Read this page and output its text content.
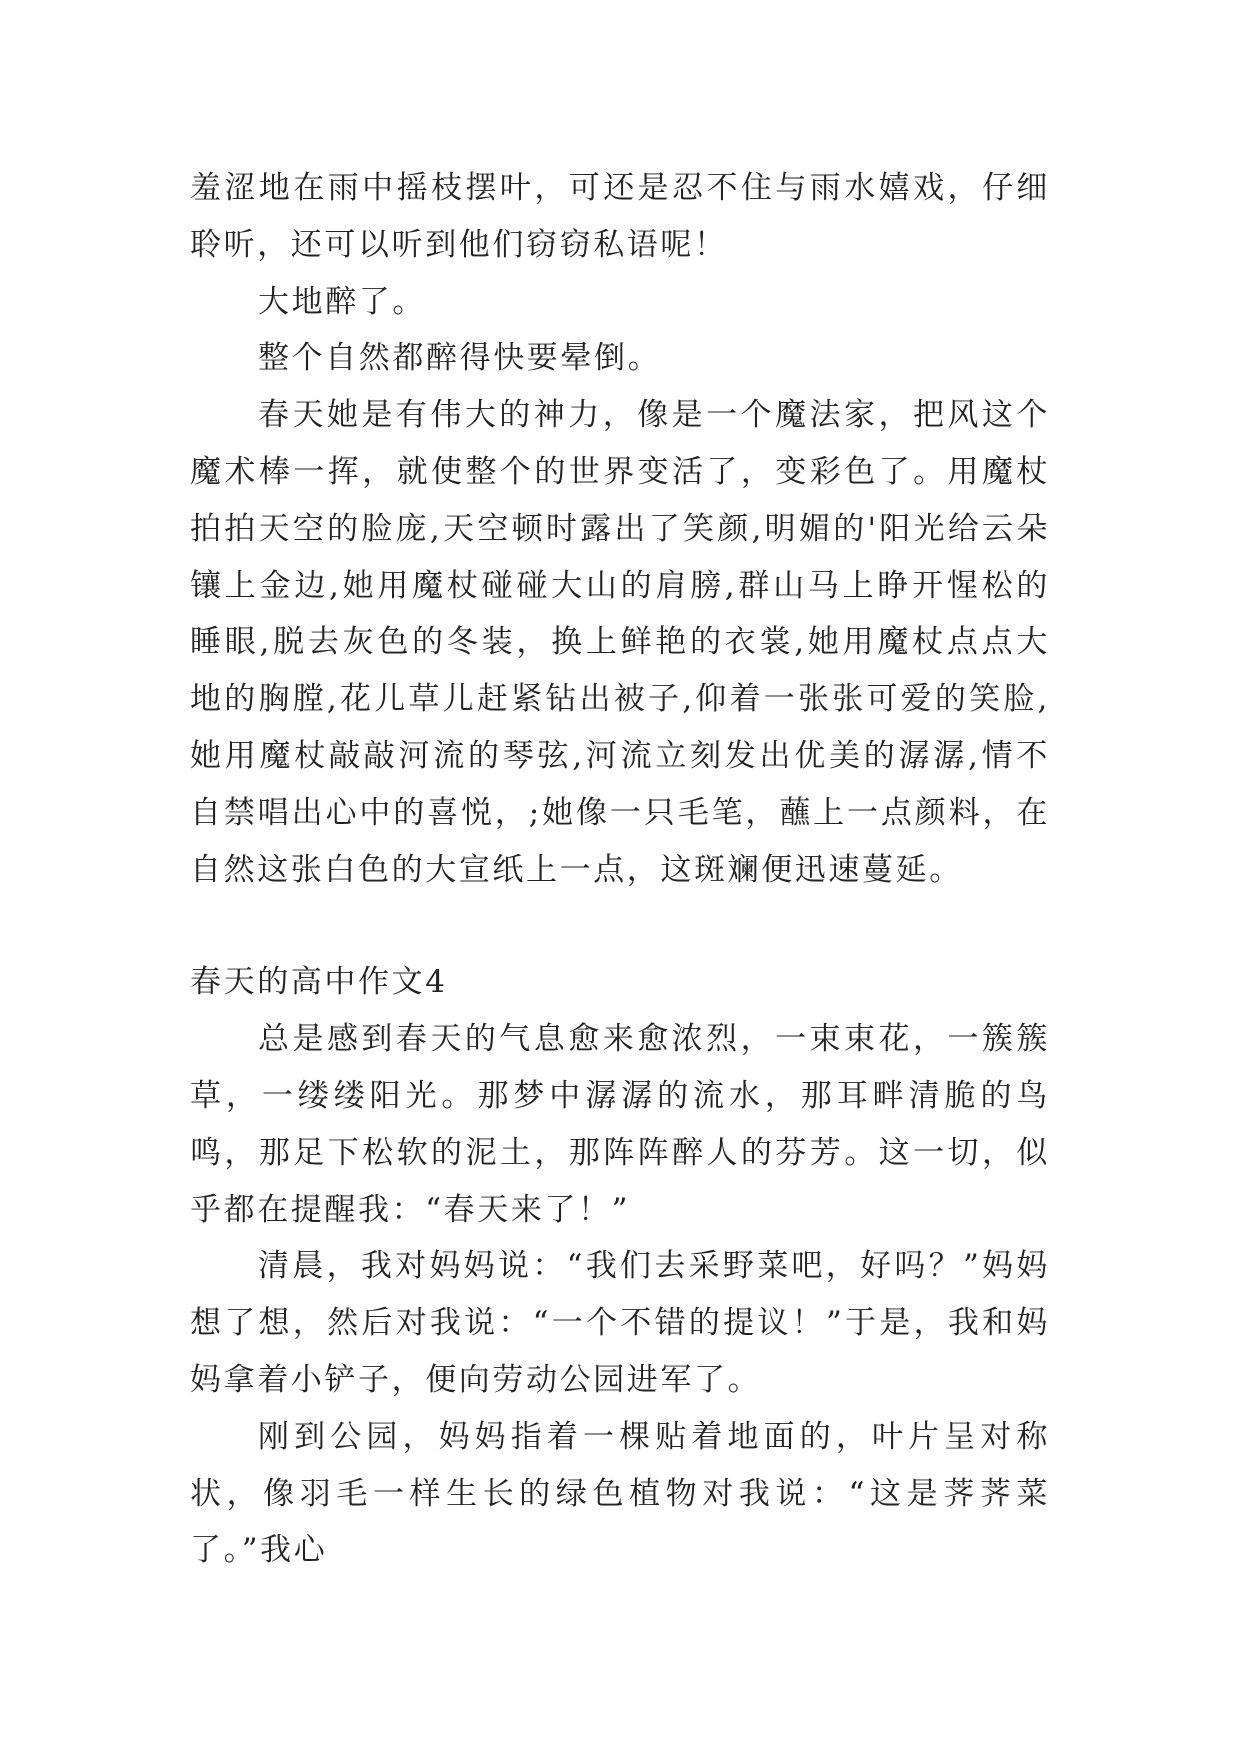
羞涩地在雨中摇枝摆叶，可还是忍不住与雨水嬉戏，仔细聆听，还可以听到他们窃窃私语呢！

大地醉了。

整个自然都醉得快要晕倒。

春天她是有伟大的神力，像是一个魔法家，把风这个魔术棒一挥，就使整个的世界变活了，变彩色了。用魔杖拍拍天空的脸庞,天空顿时露出了笑颜,明媚的'阳光给云朵镶上金边,她用魔杖碰碰大山的肩膀,群山马上睁开惺松的睡眼,脱去灰色的冬装，换上鲜艳的衣裳,她用魔杖点点大地的胸膛,花儿草儿赶紧钻出被子,仰着一张张可爱的笑脸,她用魔杖敲敲河流的琴弦,河流立刻发出优美的潺潺,情不自禁唱出心中的喜悦，;她像一只毛笔，蘸上一点颜料，在自然这张白色的大宣纸上一点，这斑斓便迅速蔓延。

春天的高中作文4

总是感到春天的气息愈来愈浓烈，一束束花，一簇簇草，一缕缕阳光。那梦中潺潺的流水，那耳畔清脆的鸟鸣，那足下松软的泥土，那阵阵醉人的芬芳。这一切，似乎都在提醒我：“春天来了！”

清晨，我对妈妈说：“我们去采野菜吧，好吗？”妈妈想了想，然后对我说：“一个不错的提议！”于是，我和妈妈拿着小铲子，便向劳动公园进军了。

刚到公园，妈妈指着一棵贴着地面的，叶片呈对称状，像羽毛一样生长的绿色植物对我说：“这是荠荠菜了。”我心
